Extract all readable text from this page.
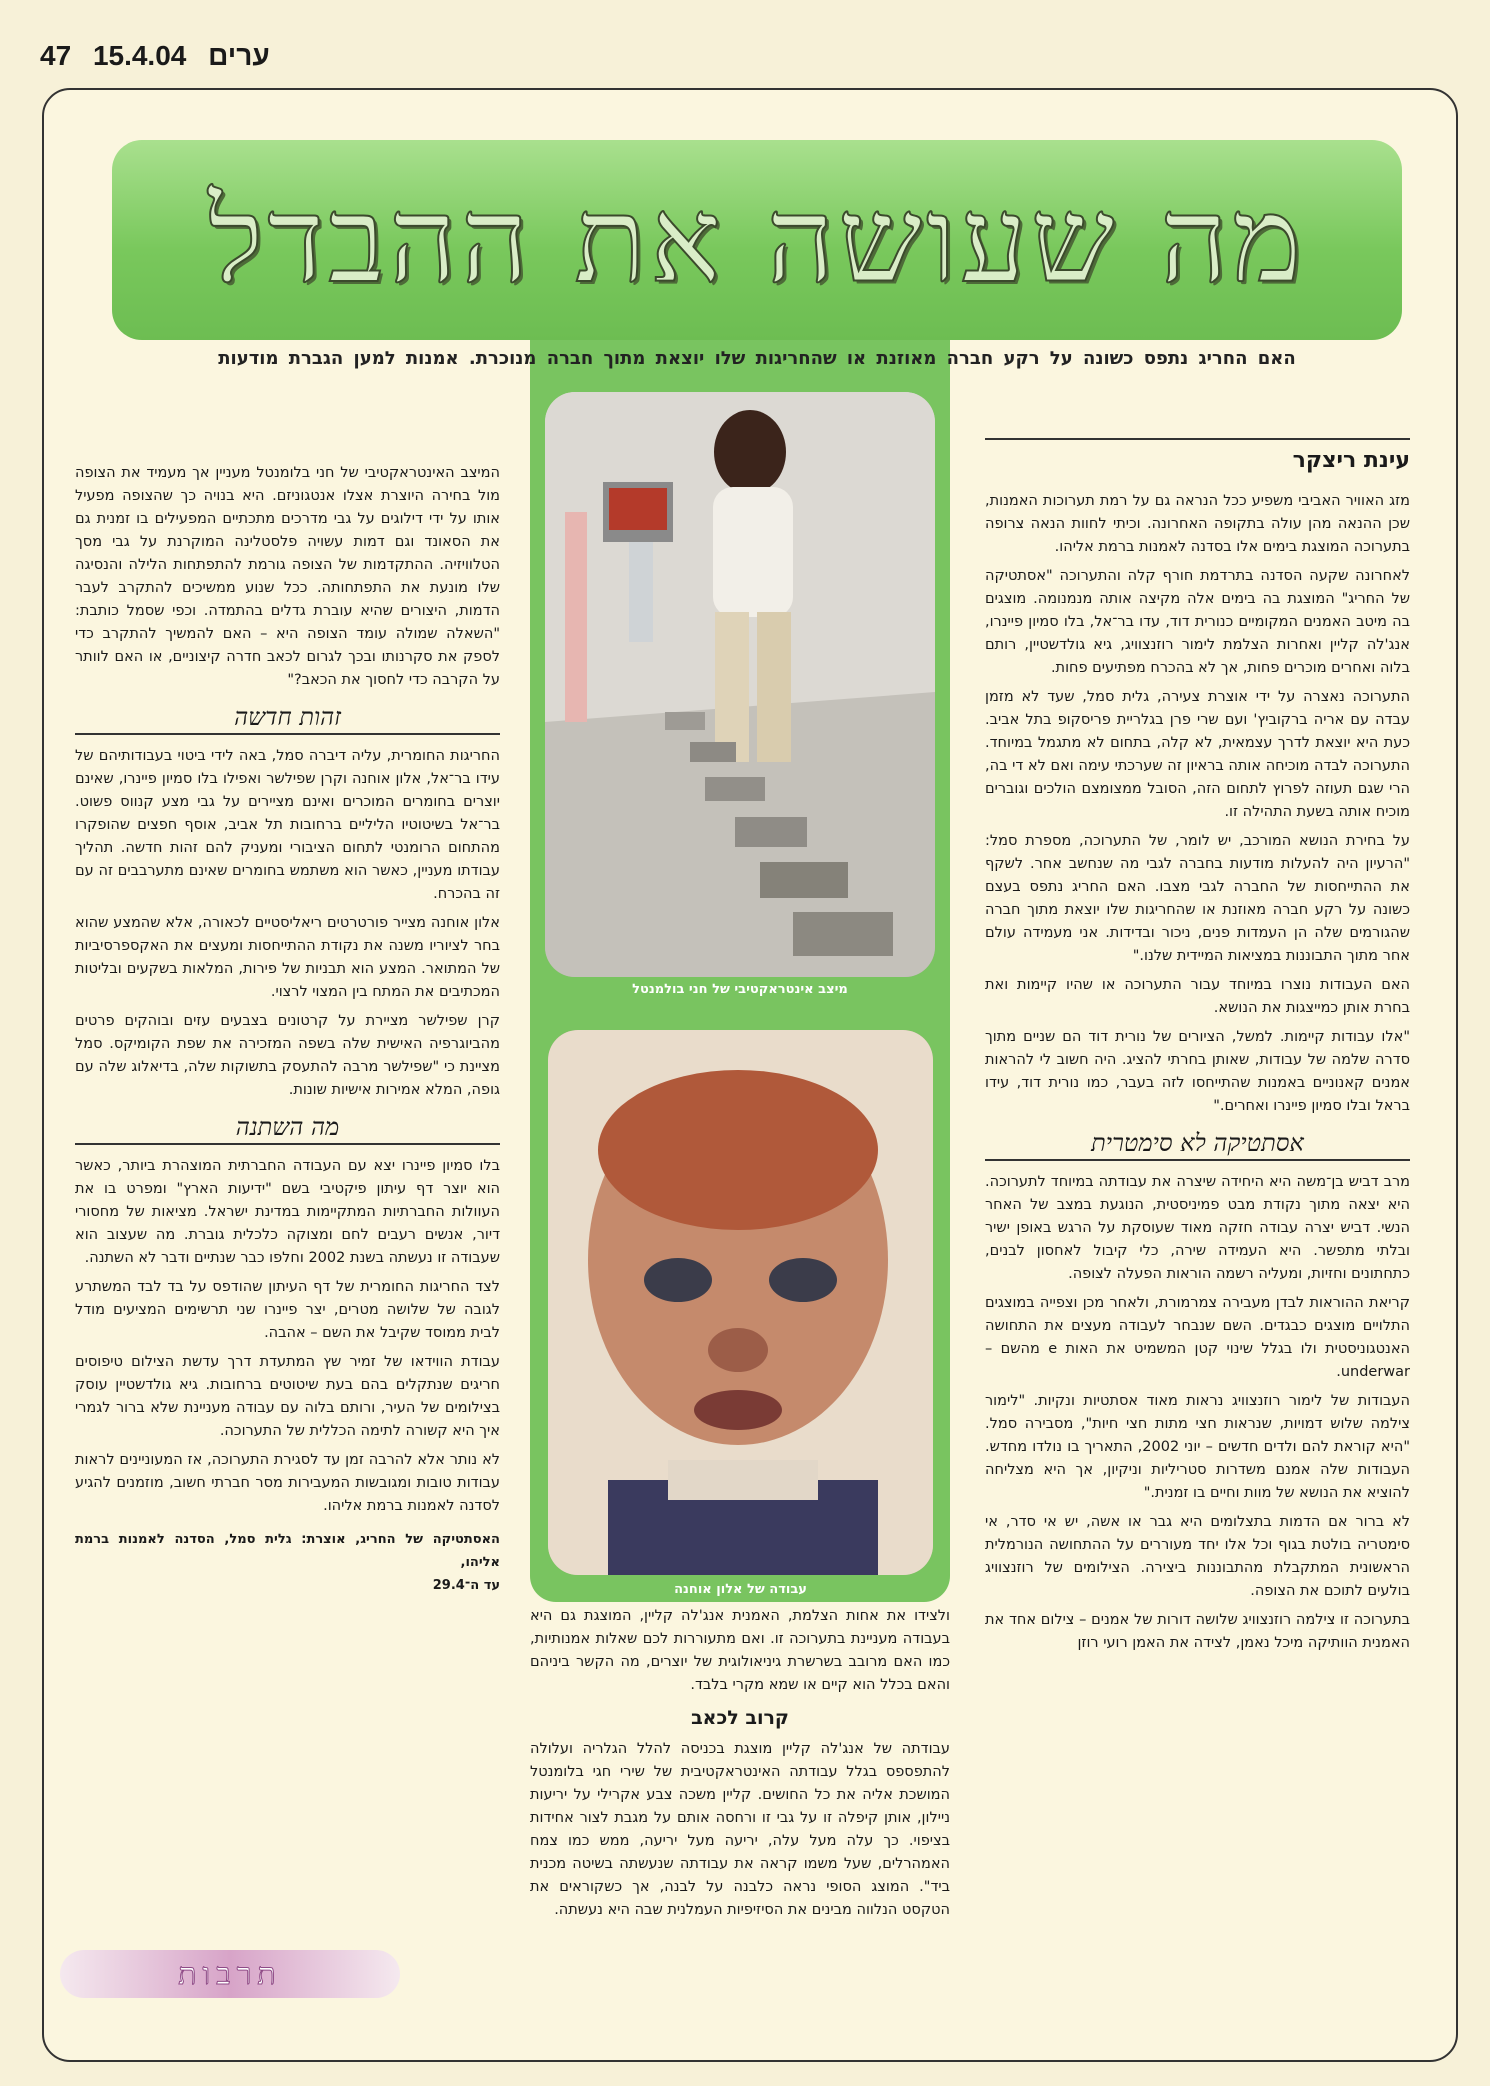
47	ערים 15.4.04
מה שעושה את ההבדל
האם החריג נתפס כשונה על רקע חברה מאוזנת או שהחריגות שלו יוצאת מתוך חברה מנוכרת. אמנות למען הגברת מודעות
עינת ריצקר
מיצב אינטראקטיבי של חני בולמנטל
עבודה של אלון אוחנה

מזג האוויר האביבי משפיע ככל הנראה גם על רמת תערוכות האמנות, שכן ההנאה מהן עולה בתקופה האחרונה. וכיתי לחוות הנאה צרופה בתערוכה המוצגת בימים אלו בסדנה לאמנות ברמת אליהו.

לאחרונה שקעה הסדנה בתרדמת חורף קלה והתערוכה "אסתטיקה של החריג" המוצגת בה בימים אלה מקיצה אותה מנמנומה. מוצגים בה מיטב האמנים המקומיים כנורית דוד, עדו בר־אל, בלו סמיון פיינרו, אנג'לה קליין ואחרות הצלמת לימור רוזנצוויג, גיא גולדשטיין, רותם בלוה ואחרים מוכרים פחות, אך לא בהכרח מפתיעים פחות.

התערוכה נאצרה על ידי אוצרת צעירה, גלית סמל, שעד לא מזמן עבדה עם אריה ברקוביץ' ועם שרי פרן בגלריית פריסקופ בתל אביב. כעת היא יוצאת לדרך עצמאית, לא קלה, בתחום לא מתגמל במיוחד. התערוכה לבדה מוכיחה אותה בראיון זה שערכתי עימה ואם לא די בה, הרי שגם תעוזה לפרוץ לתחום הזה, הסובל ממצומצם הולכים וגוברים מוכיח אותה בשעת התהילה זו.

על בחירת הנושא המורכב, יש לומר, של התערוכה, מספרת סמל: "הרעיון היה להעלות מודעות בחברה לגבי מה שנחשב אחר. לשקף את ההתייחסות של החברה לגבי מצבו. האם החריג נתפס בעצם כשונה על רקע חברה מאוזנת או שהחריגות שלו יוצאת מתוך חברה שהגורמים שלה הן העמדות פנים, ניכור ובדידות. אני מעמידה עולם אחר מתוך התבוננות במציאות המיידית שלנו."

האם העבודות נוצרו במיוחד עבור התערוכה או שהיו קיימות ואת בחרת אותן כמייצגות את הנושא.

"אלו עבודות קיימות. למשל, הציורים של נורית דוד הם שניים מתוך סדרה שלמה של עבודות, שאותן בחרתי להציג. היה חשוב לי להראות אמנים קאנוניים באמנות שהתייחסו לזה בעבר, כמו נורית דוד, עידו בראל ובלו סמיון פיינרו ואחרים."

אסתטיקה לא סימטרית

מרב דביש בן־משה היא היחידה שיצרה את עבודתה במיוחד לתערוכה. היא יצאה מתוך נקודת מבט פמיניסטית, הנוגעת במצב של האחר הנשי. דביש יצרה עבודה חזקה מאוד שעוסקת על הרגש באופן ישיר ובלתי מתפשר. היא העמידה שירה, כלי קיבול לאחסון לבנים, כתחתונים וחזיות, ומעליה רשמה הוראות הפעלה לצופה.

קריאת ההוראות לבדן מעבירה צמרמורת, ולאחר מכן וצפייה במוצגים התלויים מוצגים כבגדים. השם שנבחר לעבודה מעצים את התחושה האנטגוניסטית ולו בגלל שינוי קטן המשמיט את האות e מהשם – underwar.

העבודות של לימור רוזנצוויג נראות מאוד אסתטיות ונקיות. "לימור צילמה שלוש דמויות, שנראות חצי מתות חצי חיות", מסבירה סמל. "היא קוראת להם ולדים חדשים – יוני 2002, התאריך בו נולדו מחדש. העבודות שלה אמנם משדרות סטריליות וניקיון, אך היא מצליחה להוציא את הנושא של מוות וחיים בו זמנית."

לא ברור אם הדמות בתצלומים היא גבר או אשה, יש אי סדר, אי סימטריה בולטת בגוף וכל אלו יחד מעוררים על ההתחושה הנורמלית הראשונית המתקבלת מהתבוננות ביצירה. הצילומים של רוזנצוויג בולעים לתוכם את הצופה.

בתערוכה זו צילמה רוזנצוויג שלושה דורות של אמנים – צילום אחד את האמנית הוותיקה מיכל נאמן, לצידה את האמן רועי רוזן

המיצב האינטראקטיבי של חני בלומנטל מעניין אך מעמיד את הצופה מול בחירה היוצרת אצלו אנטגוניזם. היא בנויה כך שהצופה מפעיל אותו על ידי דילוגים על גבי מדרכים מתכתיים המפעילים בו זמנית גם את הסאונד וגם דמות עשויה פלסטלינה המוקרנת על גבי מסך הטלוויזיה. ההתקדמות של הצופה גורמת להתפתחות הלילה והנסיגה שלו מונעת את התפתחותה. ככל שנוע ממשיכים להתקרב לעבר הדמות, היצורים שהיא עוברת גדלים בהתמדה. וכפי שסמל כותבת: "השאלה שמולה עומד הצופה היא – האם להמשיך להתקרב כדי לספק את סקרנותו ובכך לגרום לכאב חדרה קיצוניים, או האם לוותר על הקרבה כדי לחסוך את הכאב?"

זהות חדשה

החריגות החומרית, עליה דיברה סמל, באה לידי ביטוי בעבודותיהם של עידו בר־אל, אלון אוחנה וקרן שפילשר ואפילו בלו סמיון פיינרו, שאינם יוצרים בחומרים המוכרים ואינם מציירים על גבי מצע קנווס פשוט. בר־אל בשיטוטיו הליליים ברחובות תל אביב, אוסף חפצים שהופקרו מהתחום הרומנטי לתחום הציבורי ומעניק להם זהות חדשה. תהליך עבודתו מעניין, כאשר הוא משתמש בחומרים שאינם מתערבבים זה עם זה בהכרח.

אלון אוחנה מצייר פורטרטים ריאליסטיים לכאורה, אלא שהמצע שהוא בחר לציוריו משנה את נקודת ההתייחסות ומעצים את האקספרסיביות של המתואר. המצע הוא תבניות של פירות, המלאות בשקעים ובליטות המכתיבים את המתח בין המצוי לרצוי.

קרן שפילשר מציירת על קרטונים בצבעים עזים ובוהקים פרטים מהביוגרפיה האישית שלה בשפה המזכירה את שפת הקומיקס. סמל מציינת כי "שפילשר מרבה להתעסק בתשוקות שלה, בדיאלוג שלה עם גופה, המלא אמירות אישיות שונות.

מה השתנה

בלו סמיון פיינרו יצא עם העבודה החברתית המוצהרת ביותר, כאשר הוא יוצר דף עיתון פיקטיבי בשם "ידיעות הארץ" ומפרט בו את העוולות החברתיות המתקיימות במדינת ישראל. מציאות של מחסורי דיור, אנשים רעבים לחם ומצוקה כלכלית גוברת. מה שעצוב הוא שעבודה זו נעשתה בשנת 2002 וחלפו כבר שנתיים ודבר לא השתנה.

לצד החריגות החומרית של דף העיתון שהודפס על בד לבד המשתרע לגובה של שלושה מטרים, יצר פיינרו שני תרשימים המציעים מודל לבית ממוסד שקיבל את השם – אהבה.

עבודת הווידאו של זמיר שץ המתעדת דרך עדשת הצילום טיפוסים חריגים שנתקלים בהם בעת שיטוטים ברחובות. גיא גולדשטיין עוסק בצילומים של העיר, ורותם בלוה עם עבודה מעניינת שלא ברור לגמרי איך היא קשורה לתימה הכללית של התערוכה.

לא נותר אלא להרבה זמן עד לסגירת התערוכה, אז המעוניינים לראות עבודות טובות ומגובשות המעבירות מסר חברתי חשוב, מוזמנים להגיע לסדנה לאמנות ברמת אליהו.

האסתטיקה של החריג, אוצרת: גלית סמל, הסדנה לאמנות ברמת אליהו,
עד ה־29.4

ולצידו את אחות הצלמת, האמנית אנג'לה קליין, המוצגת גם היא בעבודה מעניינת בתערוכה זו. ואם מתעוררות לכם שאלות אמנותיות, כמו האם מרובב בשרשרת גיניאולוגית של יוצרים, מה הקשר ביניהם והאם בכלל הוא קיים או שמא מקרי בלבד.

קרוב לכאב

עבודתה של אנג'לה קליין מוצגת בכניסה להלל הגלריה ועלולה להתפספס בגלל עבודתה האינטראקטיבית של שירי חגי בלומנטל המושכת אליה את כל החושים. קליין משכה צבע אקרילי על יריעות ניילון, אותן קיפלה זו על גבי זו ורחסה אותם על מגבת לצור אחידות בציפוי. כך עלה מעל עלה, יריעה מעל יריעה, ממש כמו צמח האמהרלים, שעל משמו קראה את עבודתה שנעשתה בשיטה מכנית ביד". המוצג הסופי נראה כלבנה על לבנה, אך כשקוראים את הטקסט הנלווה מבינים את הסיזיפיות העמלנית שבה היא נעשתה.

תרבות
